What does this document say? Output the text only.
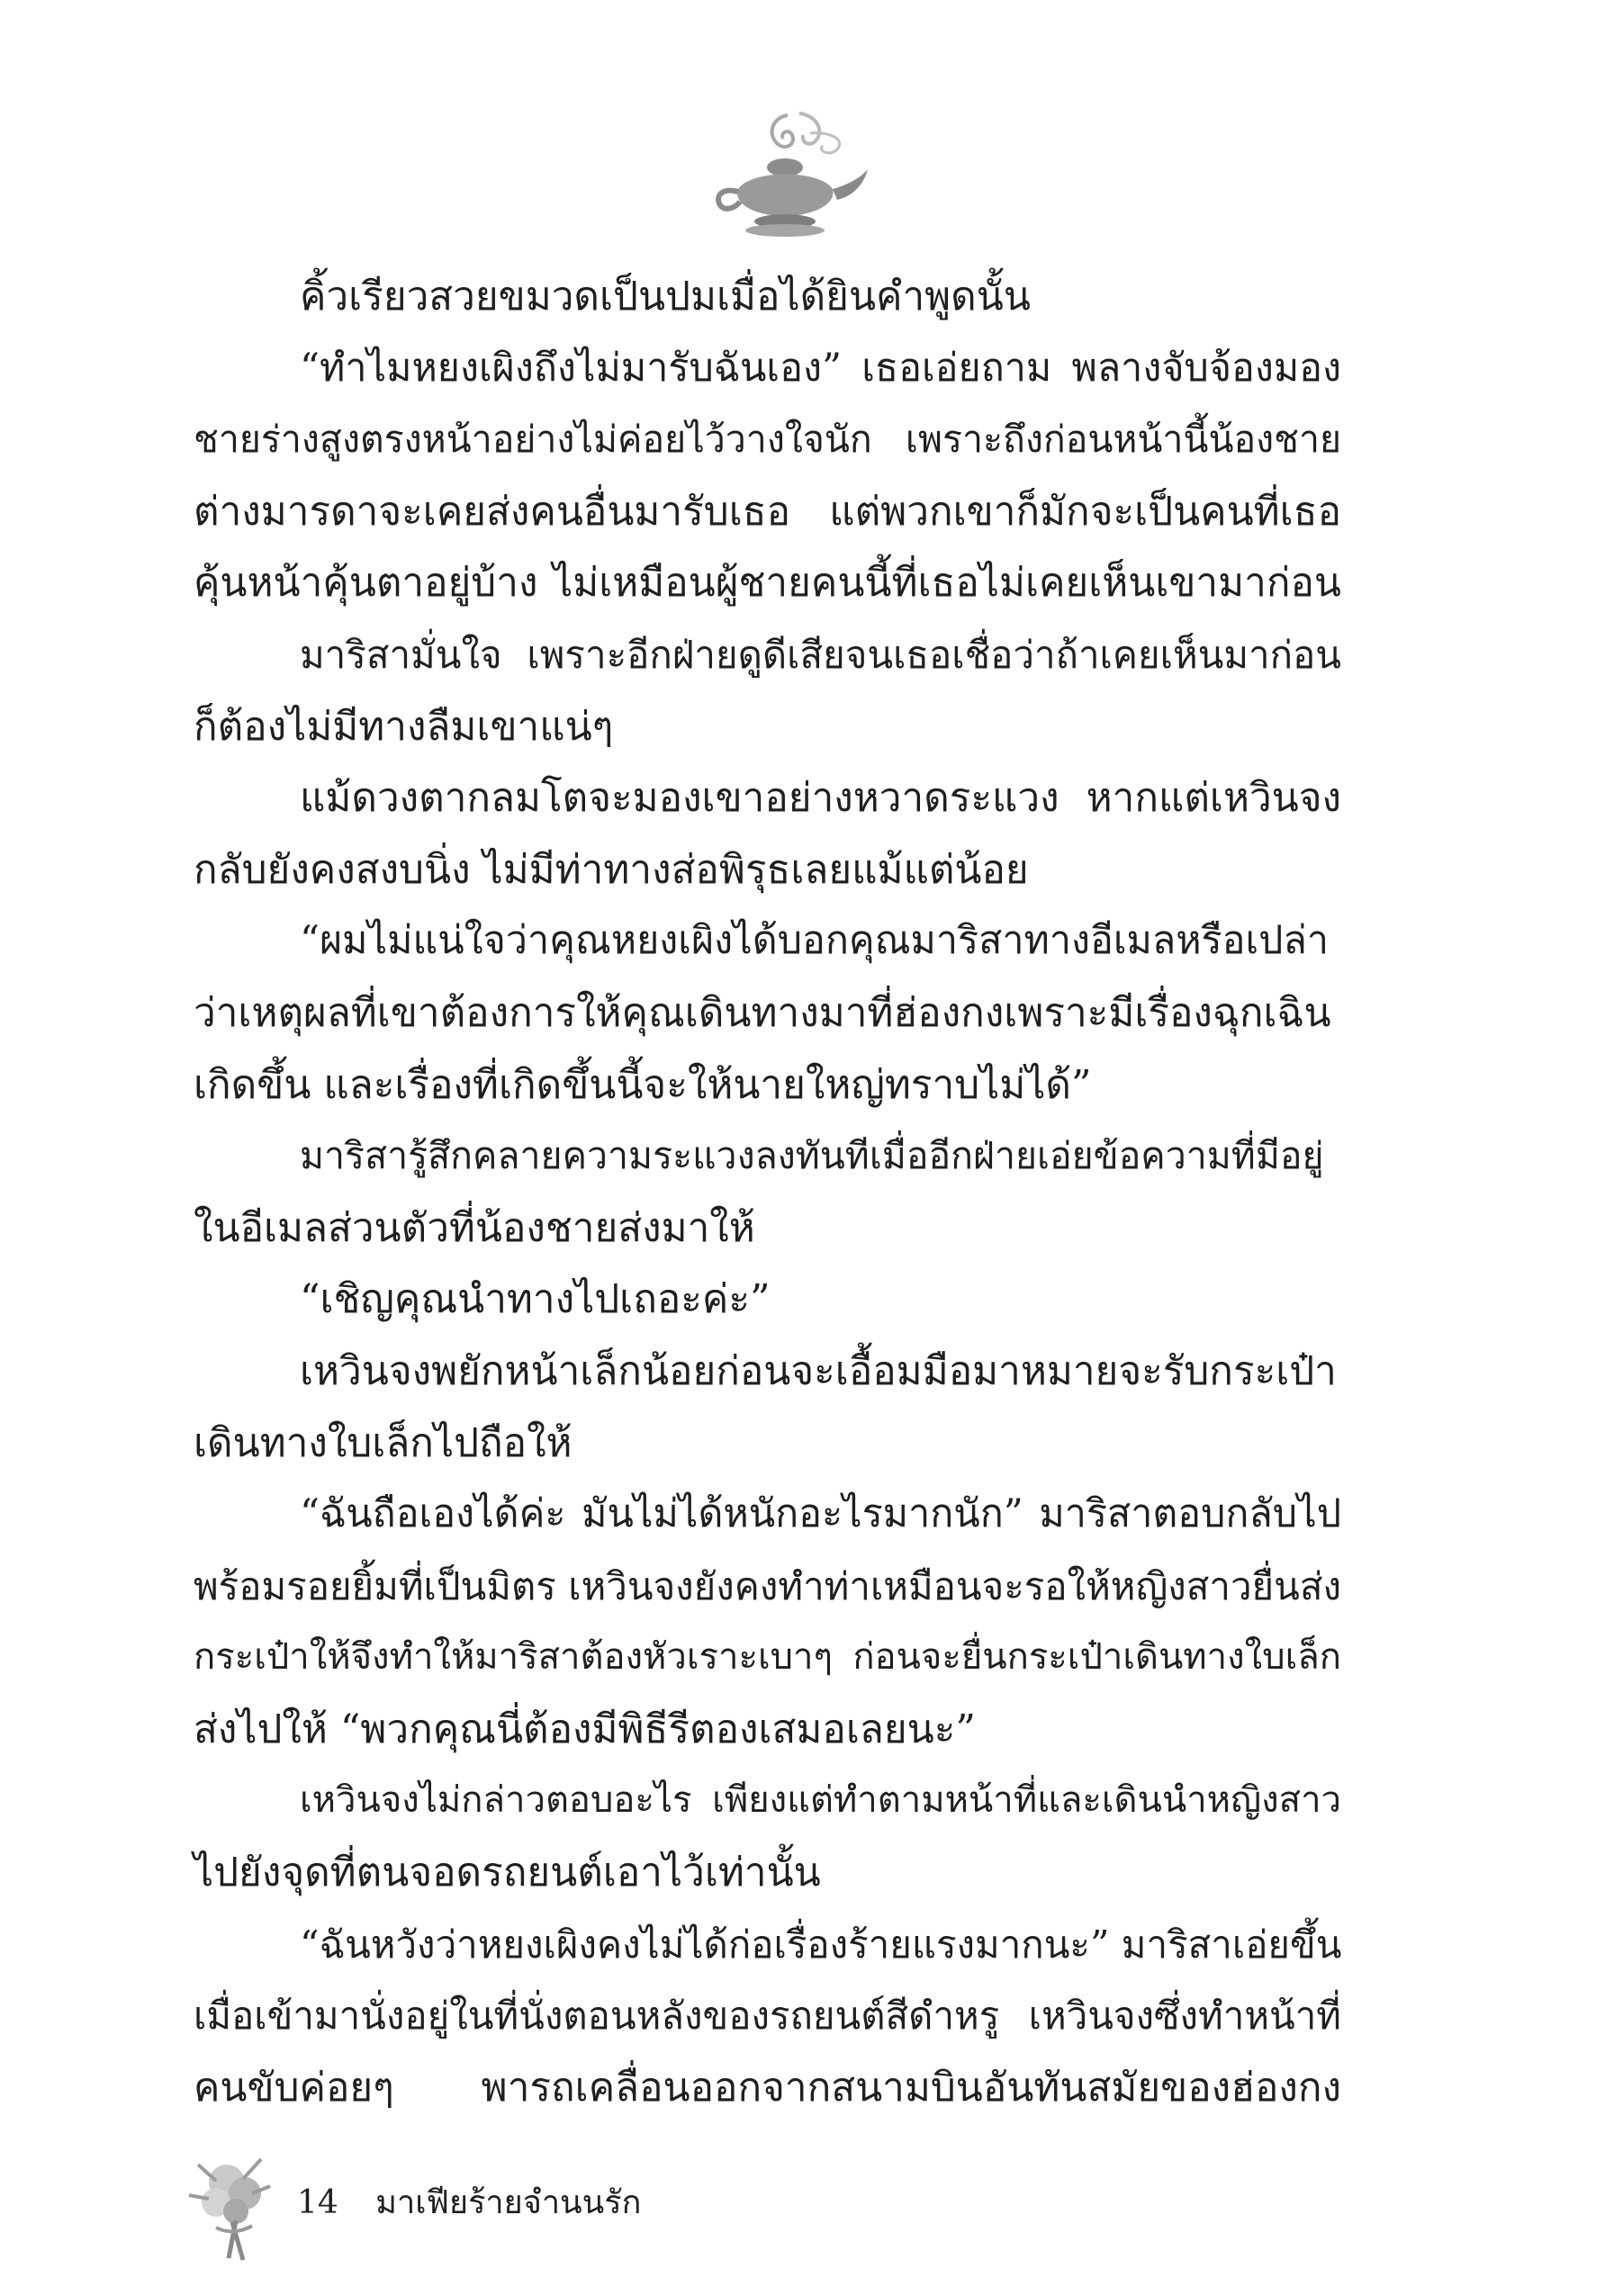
คิ้วเรียวสวยขมวดเป็นปมเมื่อได้ยินคำพูดนั้น
“ทำไมหยงเผิงถึงไม่มารับฉันเอง” เธอเอ่ยถาม พลางจับจ้องมอง
ชายร่างสูงตรงหน้าอย่างไม่ค่อยไว้วางใจนัก เพราะถึงก่อนหน้านี้น้องชาย
ต่างมารดาจะเคยส่งคนอื่นมารับเธอ แต่พวกเขาก็มักจะเป็นคนที่เธอ
คุ้นหน้าคุ้นตาอยู่บ้าง ไม่เหมือนผู้ชายคนนี้ที่เธอไม่เคยเห็นเขามาก่อน
มาริสามั่นใจ เพราะอีกฝ่ายดูดีเสียจนเธอเชื่อว่าถ้าเคยเห็นมาก่อน
ก็ต้องไม่มีทางลืมเขาแน่ๆ
แม้ดวงตากลมโตจะมองเขาอย่างหวาดระแวง หากแต่เหวินจง
กลับยังคงสงบนิ่ง ไม่มีท่าทางส่อพิรุธเลยแม้แต่น้อย
“ผมไม่แน่ใจว่าคุณหยงเผิงได้บอกคุณมาริสาทางอีเมลหรือเปล่า
ว่าเหตุผลที่เขาต้องการให้คุณเดินทางมาที่ฮ่องกงเพราะมีเรื่องฉุกเฉิน
เกิดขึ้น และเรื่องที่เกิดขึ้นนี้จะให้นายใหญ่ทราบไม่ได้”
มาริสารู้สึกคลายความระแวงลงทันทีเมื่ออีกฝ่ายเอ่ยข้อความที่มีอยู่
ในอีเมลส่วนตัวที่น้องชายส่งมาให้
“เชิญคุณนำทางไปเถอะค่ะ”
เหวินจงพยักหน้าเล็กน้อยก่อนจะเอื้อมมือมาหมายจะรับกระเป๋า
เดินทางใบเล็กไปถือให้
“ฉันถือเองได้ค่ะ มันไม่ได้หนักอะไรมากนัก” มาริสาตอบกลับไป
พร้อมรอยยิ้มที่เป็นมิตร เหวินจงยังคงทำท่าเหมือนจะรอให้หญิงสาวยื่นส่ง
กระเป๋าให้จึงทำให้มาริสาต้องหัวเราะเบาๆ ก่อนจะยื่นกระเป๋าเดินทางใบเล็ก
ส่งไปให้ “พวกคุณนี่ต้องมีพิธีรีตองเสมอเลยนะ”
เหวินจงไม่กล่าวตอบอะไร เพียงแต่ทำตามหน้าที่และเดินนำหญิงสาว
ไปยังจุดที่ตนจอดรถยนต์เอาไว้เท่านั้น
“ฉันหวังว่าหยงเผิงคงไม่ได้ก่อเรื่องร้ายแรงมากนะ” มาริสาเอ่ยขึ้น
เมื่อเข้ามานั่งอยู่ในที่นั่งตอนหลังของรถยนต์สีดำหรู เหวินจงซึ่งทำหน้าที่
คนขับค่อยๆ พารถเคลื่อนออกจากสนามบินอันทันสมัยของฮ่องกง
14 มาเฟียร้ายจำนนรัก
